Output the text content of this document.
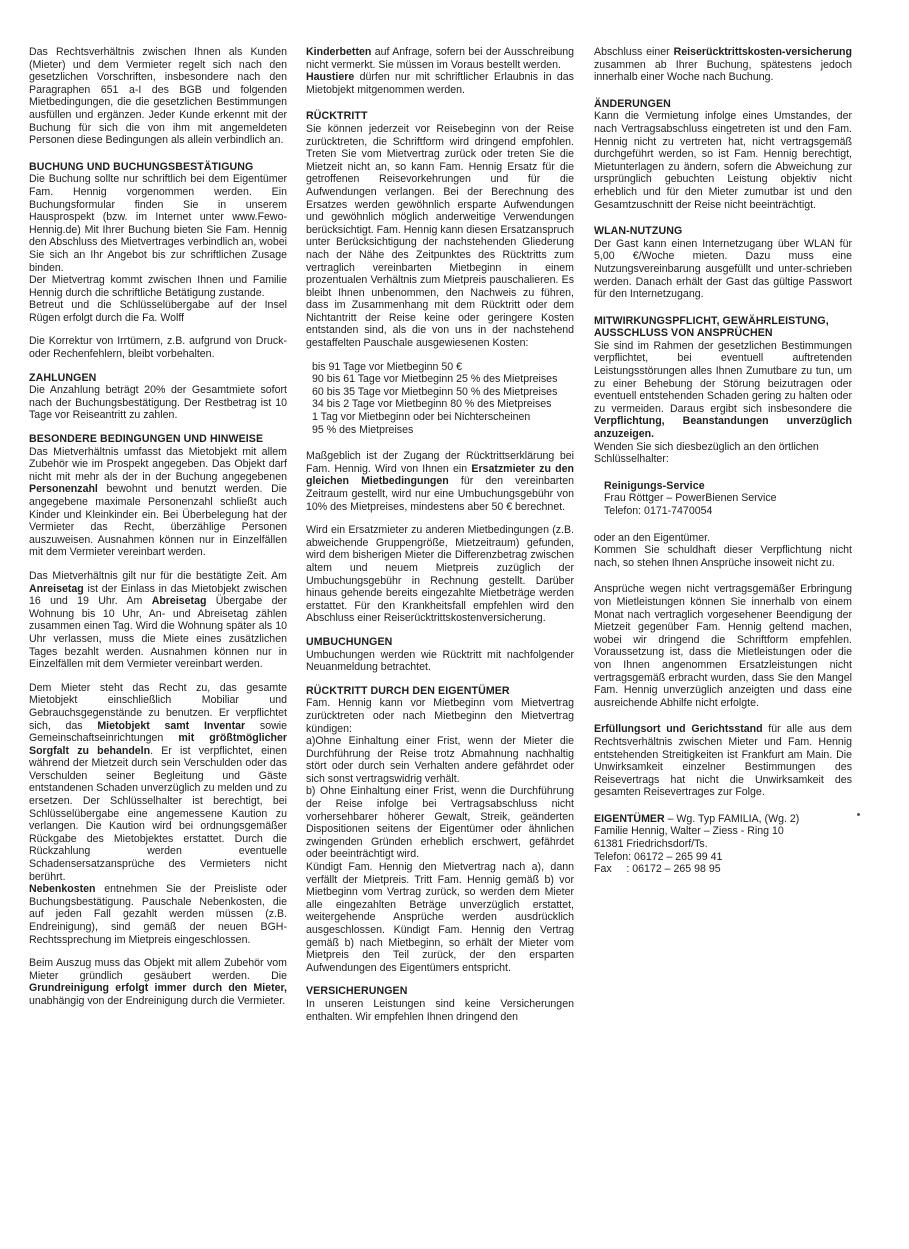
Das Rechtsverhältnis zwischen Ihnen als Kunden (Mieter) und dem Vermieter regelt sich nach den gesetzlichen Vorschriften, insbesondere nach den Paragraphen 651 a-I des BGB und folgenden Mietbedingungen, die die gesetzlichen Bestimmungen ausfüllen und ergänzen. Jeder Kunde erkennt mit der Buchung für sich die von ihm mit angemeldeten Personen diese Bedingungen als allein verbindlich an.

BUCHUNG UND BUCHUNGSBESTÄTIGUNG

Die Buchung sollte nur schriftlich bei dem Eigentümer Fam. Hennig vorgenommen werden. Ein Buchungsformular finden Sie in unserem Hausprospekt (bzw. im Internet unter www.Fewo-Hennig.de) Mit Ihrer Buchung bieten Sie Fam. Hennig den Abschluss des Mietvertrages verbindlich an, wobei Sie sich an Ihr Angebot bis zur schriftlichen Zusage binden.

Der Mietvertrag kommt zwischen Ihnen und Familie Hennig durch die schriftliche Betätigung zustande.

Betreut und die Schlüsselübergabe auf der Insel Rügen erfolgt durch die Fa. Wolff

Die Korrektur von Irrtümern, z.B. aufgrund von Druck- oder Rechenfehlern, bleibt vorbehalten.

ZAHLUNGEN

Die Anzahlung beträgt 20% der Gesamtmiete sofort nach der Buchungsbestätigung. Der Restbetrag ist 10 Tage vor Reiseantritt zu zahlen.

BESONDERE BEDINGUNGEN UND HINWEISE

Das Mietverhältnis umfasst das Mietobjekt mit allem Zubehör wie im Prospekt angegeben. Das Objekt darf nicht mit mehr als der in der Buchung angegebenen Personenzahl bewohnt und benutzt werden. Die angegebene maximale Personenzahl schließt auch Kinder und Kleinkinder ein. Bei Überbelegung hat der Vermieter das Recht, überzählige Personen auszuweisen. Ausnahmen können nur in Einzelfällen mit dem Vermieter vereinbart werden.

Das Mietverhältnis gilt nur für die bestätigte Zeit. Am Anreisetag ist der Einlass in das Mietobjekt zwischen 16 und 19 Uhr. Am Abreisetag Übergabe der Wohnung bis 10 Uhr, An- und Abreisetag zählen zusammen einen Tag. Wird die Wohnung später als 10 Uhr verlassen, muss die Miete eines zusätzlichen Tages bezahlt werden. Ausnahmen können nur in Einzelfällen mit dem Vermieter vereinbart werden.

Dem Mieter steht das Recht zu, das gesamte Mietobjekt einschließlich Mobiliar und Gebrauchsgegenstände zu benutzen. Er verpflichtet sich, das Mietobjekt samt Inventar sowie Gemeinschaftseinrichtungen mit größtmöglicher Sorgfalt zu behandeln. Er ist verpflichtet, einen während der Mietzeit durch sein Verschulden oder das Verschulden seiner Begleitung und Gäste entstandenen Schaden unverzüglich zu melden und zu ersetzen. Der Schlüsselhalter ist berechtigt, bei Schlüsselübergabe eine angemessene Kaution zu verlangen. Die Kaution wird bei ordnungsgemäßer Rückgabe des Mietobjektes erstattet. Durch die Rückzahlung werden eventuelle Schadensersatzansprüche des Vermieters nicht berührt.

Nebenkosten entnehmen Sie der Preisliste oder Buchungsbestätigung. Pauschale Nebenkosten, die auf jeden Fall gezahlt werden müssen (z.B. Endreinigung), sind gemäß der neuen BGH-Rechtssprechung im Mietpreis eingeschlossen.

Beim Auszug muss das Objekt mit allem Zubehör vom Mieter gründlich gesäubert werden. Die Grundreinigung erfolgt immer durch den Mieter, unabhängig von der Endreinigung durch die Vermieter.

Kinderbetten auf Anfrage, sofern bei der Ausschreibung nicht vermerkt. Sie müssen im Voraus bestellt werden.

Haustiere dürfen nur mit schriftlicher Erlaubnis in das Mietobjekt mitgenommen werden.

RÜCKTRITT

Sie können jederzeit vor Reisebeginn von der Reise zurücktreten, die Schriftform wird dringend empfohlen. Treten Sie vom Mietvertrag zurück oder treten Sie die Mietzeit nicht an, so kann Fam. Hennig Ersatz für die getroffenen Reisevorkehrungen und für die Aufwendungen verlangen. Bei der Berechnung des Ersatzes werden gewöhnlich ersparte Aufwendungen und gewöhnlich möglich anderweitige Verwendungen berücksichtigt. Fam. Hennig kann diesen Ersatzanspruch unter Berücksichtigung der nachstehenden Gliederung nach der Nähe des Zeitpunktes des Rücktritts zum vertraglich vereinbarten Mietbeginn in einem prozentualen Verhältnis zum Mietpreis pauschalieren. Es bleibt Ihnen unbenommen, den Nachweis zu führen, dass im Zusammenhang mit dem Rücktritt oder dem Nichtantritt der Reise keine oder geringere Kosten entstanden sind, als die von uns in der nachstehend gestaffelten Pauschale ausgewiesenen Kosten:

bis 91 Tage vor Mietbeginn 50 €

90 bis 61 Tage vor Mietbeginn 25 % des Mietpreises

60 bis 35 Tage vor Mietbeginn 50 % des Mietpreises

34 bis 2 Tage vor Mietbeginn 80 % des Mietpreises

1 Tag vor Mietbeginn oder bei Nichterscheinen

95 % des Mietpreises

Maßgeblich ist der Zugang der Rücktrittserklärung bei Fam. Hennig. Wird von Ihnen ein Ersatzmieter zu den gleichen Mietbedingungen für den vereinbarten Zeitraum gestellt, wird nur eine Umbuchungsgebühr von 10% des Mietpreises, mindestens aber 50 € berechnet.

Wird ein Ersatzmieter zu anderen Mietbedingungen (z.B. abweichende Gruppengröße, Mietzeitraum) gefunden, wird dem bisherigen Mieter die Differenzbetrag zwischen altem und neuem Mietpreis zuzüglich der Umbuchungsgebühr in Rechnung gestellt. Darüber hinaus gehende bereits eingezahlte Mietbeträge werden erstattet. Für den Krankheitsfall empfehlen wird den Abschluss einer Reiserücktrittskostenversicherung.

UMBUCHUNGEN

Umbuchungen werden wie Rücktritt mit nachfolgender Neuanmeldung betrachtet.

RÜCKTRITT DURCH DEN EIGENTÜMER

Fam. Hennig kann vor Mietbeginn vom Mietvertrag zurücktreten oder nach Mietbeginn den Mietvertrag kündigen:

a)Ohne Einhaltung einer Frist, wenn der Mieter die Durchführung der Reise trotz Abmahnung nachhaltig stört oder durch sein Verhalten andere gefährdet oder sich sonst vertragswidrig verhält.

b) Ohne Einhaltung einer Frist, wenn die Durchführung der Reise infolge bei Vertragsabschluss nicht vorhersehbarer höherer Gewalt, Streik, geänderten Dispositionen seitens der Eigentümer oder ähnlichen zwingenden Gründen erheblich erschwert, gefährdet oder beeinträchtigt wird.

Kündigt Fam. Hennig den Mietvertrag nach a), dann verfällt der Mietpreis. Tritt Fam. Hennig gemäß b) vor Mietbeginn vom Vertrag zurück, so werden dem Mieter alle eingezahlten Beträge unverzüglich erstattet, weitergehende Ansprüche werden ausdrücklich ausgeschlossen. Kündigt Fam. Hennig den Vertrag gemäß b) nach Mietbeginn, so erhält der Mieter vom Mietpreis den Teil zurück, der den ersparten Aufwendungen des Eigentümers entspricht.

VERSICHERUNGEN

In unseren Leistungen sind keine Versicherungen enthalten. Wir empfehlen Ihnen dringend den

Abschluss einer Reiserücktrittskosten-versicherung zusammen ab Ihrer Buchung, spätestens jedoch innerhalb einer Woche nach Buchung.

ÄNDERUNGEN

Kann die Vermietung infolge eines Umstandes, der nach Vertragsabschluss eingetreten ist und den Fam. Hennig nicht zu vertreten hat, nicht vertragsgemäß durchgeführt werden, so ist Fam. Hennig berechtigt, Mietunterlagen zu ändern, sofern die Abweichung zur ursprünglich gebuchten Leistung objektiv nicht erheblich und für den Mieter zumutbar ist und den Gesamtzuschnitt der Reise nicht beeinträchtigt.

WLAN-NUTZUNG

Der Gast kann einen Internetzugang über WLAN für 5,00 €/Woche mieten. Dazu muss eine Nutzungsvereinbarung ausgefüllt und unter-schrieben werden. Danach erhält der Gast das gültige Passwort für den Internetzugang.

MITWIRKUNGSPFLICHT, GEWÄHRLEISTUNG, AUSSCHLUSS VON ANSPRÜCHEN

Sie sind im Rahmen der gesetzlichen Bestimmungen verpflichtet, bei eventuell auftretenden Leistungsstörungen alles Ihnen Zumutbare zu tun, um zu einer Behebung der Störung beizutragen oder eventuell entstehenden Schaden gering zu halten oder zu vermeiden. Daraus ergibt sich insbesondere die Verpflichtung, Beanstandungen unverzüglich anzuzeigen.

Wenden Sie sich diesbezüglich an den örtlichen Schlüsselhalter:

Reinigungs-Service

Frau Röttger – PowerBienen Service

Telefon: 0171-7470054

oder an den Eigentümer.

Kommen Sie schuldhaft dieser Verpflichtung nicht nach, so stehen Ihnen Ansprüche insoweit nicht zu.

Ansprüche wegen nicht vertragsgemäßer Erbringung von Mietleistungen können Sie innerhalb von einem Monat nach vertraglich vorgesehener Beendigung der Mietzeit gegenüber Fam. Hennig geltend machen, wobei wir dringend die Schriftform empfehlen. Voraussetzung ist, dass die Mietleistungen oder die von Ihnen angenommen Ersatzleistungen nicht vertragsgemäß erbracht wurden, dass Sie den Mangel Fam. Hennig unverzüglich anzeigten und dass eine ausreichende Abhilfe nicht erfolgte.

Erfüllungsort und Gerichtsstand für alle aus dem Rechtsverhältnis zwischen Mieter und Fam. Hennig entstehenden Streitigkeiten ist Frankfurt am Main. Die Unwirksamkeit einzelner Bestimmungen des Reisevertrags hat nicht die Unwirksamkeit des gesamten Reisevertrages zur Folge.

EIGENTÜMER – Wg. Typ FAMILIA, (Wg. 2)

Familie Hennig, Walter – Ziess - Ring 10

61381 Friedrichsdorf/Ts.

Telefon: 06172 – 265 99 41

Fax     : 06172 – 265 98 95
